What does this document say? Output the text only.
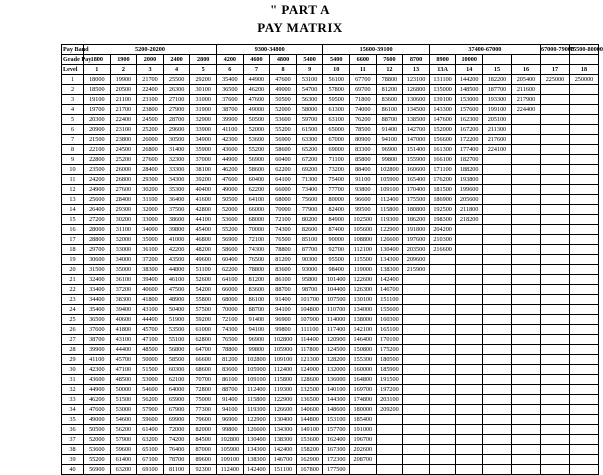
" PART A
PAY MATRIX
Pay Band	5200-20200					9300-34800				15600-39100				37400-67000				67000-79000	75500-80000		
Grade Pay	1800	1900	2000	2400	2800	4200	4600	4800	5400	5400	6600	7600	8700	8900	10000					
Level	1	2	3	4	5	6	7	8	9	10	11	12	13	13A	14	15	16	17	18	
1	18000	19900	21700	25500	29200	35400	44900	47600	53100	56100	67700	78800	123100	131100	144200	182200	205400	225000	250000	
2	18500	20500	22400	26300	30100	36500	46200	49000	54700	57800	69700	81200	126800	135000	148500	187700	211600			
3	19100	21100	23100	27100	31000	37600	47600	50500	56300	59500	71800	83600	130600	139100	153000	193300	217900			
4	19700	21700	23800	27900	31900	38700	49000	52000	58000	61300	74000	86100	134500	143300	157600	199100	224400			
5	20300	22400	24500	28700	32900	39900	50500	53600	59700	63100	76200	88700	138500	147600	162300	205100				
6	20900	23100	25200	29600	33900	41100	52000	55200	61500	65000	78500	91400	142700	152000	167200	211300				
7	21500	23800	26000	30500	34900	42300	53600	56900	63300	67000	80900	94100	147000	156600	172200	217600				
8	22100	24500	26800	31400	35900	43600	55200	58600	65200	69000	83300	96900	151400	161300	177400	224100				
9	22800	25200	27600	32300	37000	44900	56900	60400	67200	71100	85800	99800	155900	166100	182700					
10	23500	26000	28400	33300	38100	46200	58600	62200	69200	73200	88400	102800	160600	171100	188200					
11	24200	26800	29300	34300	39200	47600	60400	64100	71300	75400	91100	105900	165400	176200	193800					
12	24900	27600	30200	35300	40400	49000	62200	66000	73400	77700	93800	109100	170400	181500	199600					
13	25600	28400	31100	36400	41600	50500	64100	68000	75600	80000	96600	112400	175500	186900	205600					
14	26400	29300	32000	37500	42800	52000	66000	70000	77900	82400	99500	115800	180800	192500	211800					
15	27200	30200	33000	38600	44100	53600	68000	72100	80200	84900	102500	119300	186200	198300	218200					
16	28000	31100	34000	39800	45400	55200	70000	74300	82600	87400	105600	122900	191800	204200						
17	28800	32000	35000	41000	46800	56900	72100	76500	85100	90000	108800	126600	197600	210300						
18	29700	33000	36100	42200	48200	58600	74300	78800	87700	92700	112100	130400	203500	216600						
19	30600	34000	37200	43500	49600	60400	76500	81200	90300	95500	115500	134300	209600							
20	31500	35000	38300	44800	51100	62200	78800	83600	93000	98400	119000	138300	215900							
21	32400	36100	39400	46100	52600	64100	81200	86100	95800	101400	122600	142400								
22	33400	37200	40600	47500	54200	66000	83600	88700	98700	104400	126300	146700								
23	34400	38300	41800	48900	55800	68000	86100	91400	101700	107500	130100	151100								
24	35400	39400	43100	50400	57500	70000	88700	94100	104800	110700	134000	155600								
25	36500	40600	44400	51900	59200	72100	91400	96900	107900	114000	138000	160300								
26	37600	41800	45700	53500	61000	74300	94100	99800	111100	117400	142100	165100								
27	38700	43100	47100	55100	62800	76500	96900	102800	114400	120900	146400	170100								
28	39900	44400	48500	56800	64700	78800	99800	105900	117800	124500	150800	175200								
29	41100	45700	50000	58500	66600	81200	102800	109100	121300	128200	155300	180500								
30	42300	47100	51500	60300	68600	83600	105900	112400	124900	132000	160000	185900								
31	43600	48500	53000	62100	70700	86100	109100	115800	128600	136000	164800	191500								
32	44900	50000	54600	64000	72800	88700	112400	119300	132500	140100	169700	197200								
33	46200	51500	56200	65900	75000	91400	115800	122900	136500	144300	174800	203100								
34	47600	53000	57900	67900	77300	94100	119300	126600	140600	148600	180000	209200								
35	49000	54600	59600	69900	79600	96900	122900	130400	144800	153100	185400									
36	50500	56200	61400	72000	82000	99800	126600	134300	149100	157700	191000									
37	52000	57900	63200	74200	84500	102800	130400	138300	153600	162400	196700									
38	53600	59600	65100	76400	87000	105900	134300	142400	158200	167300	202600									
39	55200	61400	67100	78700	89600	109100	138300	146700	162900	172300	208700									
40	56900	63200	69100	81100	92300	112400	142400	151100	167800	177500										
